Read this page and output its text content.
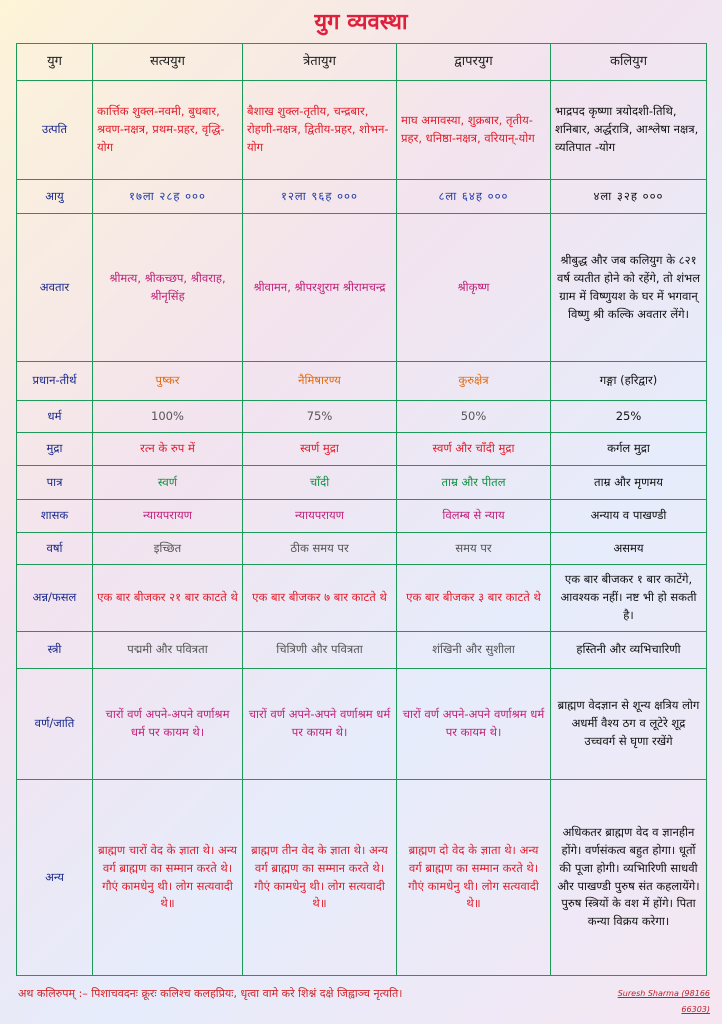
युग व्यवस्था
युग	सत्ययुग	त्रेतायुग	द्वापरयुग	कलियुग
उत्पति	कार्त्तिक शुक्ल-नवमी, बुधबार, श्रवण-नक्षत्र, प्रथम-प्रहर, वृद्धि-योग	बैशाख शुक्ल-तृतीय, चन्द्रबार, रोहणी-नक्षत्र, द्वितीय-प्रहर, शोभन-योग	माघ अमावस्या, शुक्रबार, तृतीय-प्रहर, धनिष्ठा-नक्षत्र, वरियान्-योग	भाद्रपद कृष्णा त्रयोदशी-तिथि, शनिबार, अर्द्धरात्रि, आश्लेषा नक्षत्र, व्यतिपात -योग
आयु	१७ला २८ह ०००	१२ला ९६ह ०००	८ला ६४ह ०००	४ला ३२ह ०००
अवतार	श्रीमत्य, श्रीकच्छप, श्रीवराह, श्रीनृसिंह	श्रीवामन, श्रीपरशुराम श्रीरामचन्द्र	श्रीकृष्ण	श्रीबुद्ध और जब कलियुग के ८२१ वर्ष व्यतीत होने को रहेंगे, तो शंभल ग्राम में विष्णुयश के घर में भगवान् विष्णु श्री कल्कि अवतार लेंगे।
प्रधान-तीर्थ	पुष्कर	नैमिषारण्य	कुरुक्षेत्र	गङ्गा (हरिद्वार)
धर्म	100%	75%	50%	25%
मुद्रा	रत्न के रुप में	स्वर्ण मुद्रा	स्वर्ण और चाँदी मुद्रा	कर्गल मुद्रा
पात्र	स्वर्ण	चाँदी	ताम्र और पीतल	ताम्र और मृणमय
शासक	न्यायपरायण	न्यायपरायण	विलम्ब से न्याय	अन्याय व पाखण्डी
वर्षा	इच्छित	ठीक समय पर	समय पर	असमय
अन्न/फसल	एक बार बीजकर २१ बार काटते थे	एक बार बीजकर ७ बार काटते थे	एक बार बीजकर ३ बार काटते थे	एक बार बीजकर १ बार काटेंगे, आवश्यक नहीं। नष्ट भी हो सकती है।
स्त्री	पद्ममी और पवित्रता	चित्रिणी और पवित्रता	शंखिनी और सुशीला	हस्तिनी और व्यभिचारिणी
वर्ण/जाति	चारों वर्ण अपने-अपने वर्णाश्रम धर्म पर कायम थे।	चारों वर्ण अपने-अपने वर्णाश्रम धर्म पर कायम थे।	चारों वर्ण अपने-अपने वर्णाश्रम धर्म पर कायम थे।	ब्राह्मण वेदज्ञान से शून्य क्षत्रिय लोग अधर्मी वैश्य ठग व लूटेरे शूद्र उच्चवर्ग से घृणा रखेंगे
अन्य	ब्राह्मण चारों वेद के ज्ञाता थे। अन्य वर्ग ब्राह्मण का सम्मान करते थे। गौएं कामधेनु थी। लोग सत्यवादी थे॥	ब्राह्मण तीन वेद के ज्ञाता थे। अन्य वर्ग ब्राह्मण का सम्मान करते थे। गौएं कामधेनु थी। लोग सत्यवादी थे॥	ब्राह्मण दो वेद के ज्ञाता थे। अन्य वर्ग ब्राह्मण का सम्मान करते थे। गौएं कामधेनु थी। लोग सत्यवादी थे॥	अधिकतर ब्राह्मण वेद व ज्ञानहीन होंगे। वर्णसंकत्व बहुत होगा। धूर्तो की पूजा होगी। व्यभिारिणी साधवी और पाखण्डी पुरुष संत कहलायेंगे। पुरुष स्त्रियों के वश में होंगे। पिता कन्या विक्रय करेगा।
अथ कलिरुपम् :– पिशाचवदनः क्रूरः कलिश्च कलहप्रियः, धृत्वा वामे करे शिश्नं दक्षे जिह्वाञ्च नृत्यति।	Suresh Sharma (98166 66303)
